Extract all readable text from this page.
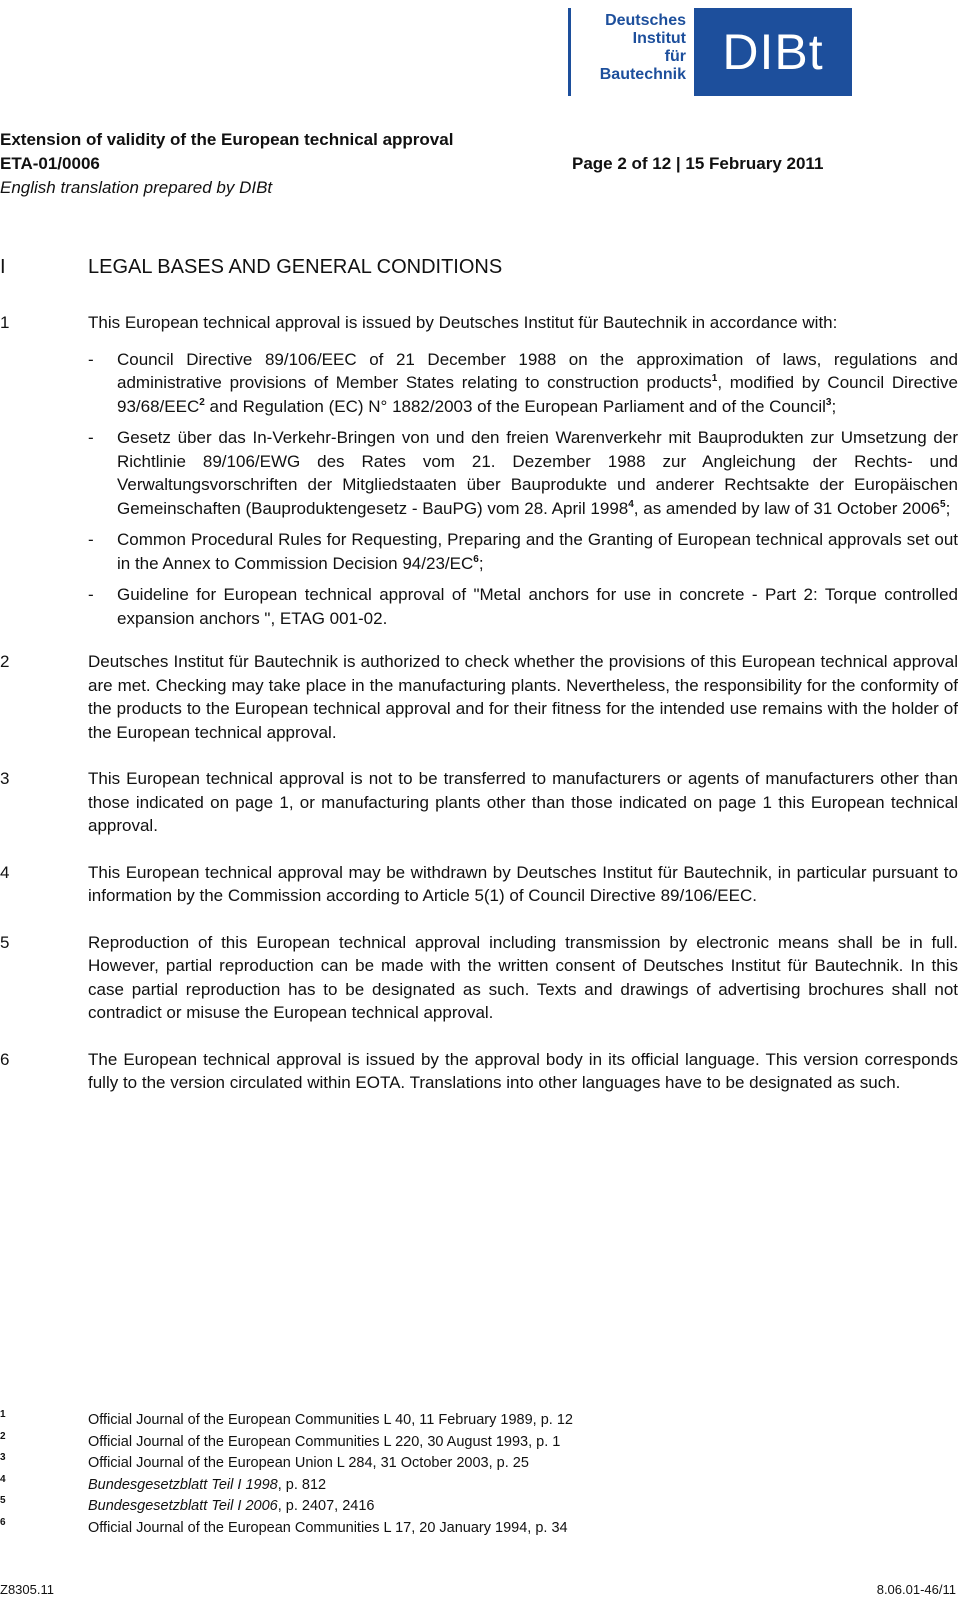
Deutsches
Institut
für
Bautechnik DIBt
Extension of validity of the European technical approval
ETA-01/0006	Page 2 of 12 | 15 February 2011
English translation prepared by DIBt
I	LEGAL BASES AND GENERAL CONDITIONS
1	This European technical approval is issued by Deutsches Institut für Bautechnik in accordance with:
- Council Directive 89/106/EEC of 21 December 1988 on the approximation of laws, regulations and administrative provisions of Member States relating to construction products$^1$, modified by Council Directive 93/68/EEC$^2$ and Regulation (EC) N° 1882/2003 of the European Parliament and of the Council$^3$;
- Gesetz über das In-Verkehr-Bringen von und den freien Warenverkehr mit Bauprodukten zur Umsetzung der Richtlinie 89/106/EWG des Rates vom 21. Dezember 1988 zur Angleichung der Rechts- und Verwaltungsvorschriften der Mitgliedstaaten über Bauprodukte und anderer Rechtsakte der Europäischen Gemeinschaften (Bauproduktengesetz - BauPG) vom 28. April 1998$^4$, as amended by law of 31 October 2006$^5$;
- Common Procedural Rules for Requesting, Preparing and the Granting of European technical approvals set out in the Annex to Commission Decision $94/23/EC^6$;
- Guideline for European technical approval of "Metal anchors for use in concrete - Part 2: Torque controlled expansion anchors ", ETAG 001-02.
2	Deutsches Institut für Bautechnik is authorized to check whether the provisions of this European technical approval are met. Checking may take place in the manufacturing plants. Nevertheless, the responsibility for the conformity of the products to the European technical approval and for their fitness for the intended use remains with the holder of the European technical approval.
3	This European technical approval is not to be transferred to manufacturers or agents of manufacturers other than those indicated on page 1, or manufacturing plants other than those indicated on page 1 this European technical approval.
4	This European technical approval may be withdrawn by Deutsches Institut für Bautechnik, in particular pursuant to information by the Commission according to Article 5(1) of Council Directive 89/106/EEC.
5	Reproduction of this European technical approval including transmission by electronic means shall be in full. However, partial reproduction can be made with the written consent of Deutsches Institut für Bautechnik. In this case partial reproduction has to be designated as such. Texts and drawings of advertising brochures shall not contradict or misuse the European technical approval.
6	The European technical approval is issued by the approval body in its official language. This version corresponds fully to the version circulated within EOTA. Translations into other languages have to be designated as such.
1	Official Journal of the European Communities L 40, 11 February 1989, p. 12
2	Official Journal of the European Communities L 220, 30 August 1993, p. 1
3	Official Journal of the European Union L 284, 31 October 2003, p. 25
4	Bundesgesetzblatt Teil I 1998, p. 812
5	Bundesgesetzblatt Teil I 2006, p. 2407, 2416
6	Official Journal of the European Communities L 17, 20 January 1994, p. 34
Z8305.11	8.06.01-46/11
